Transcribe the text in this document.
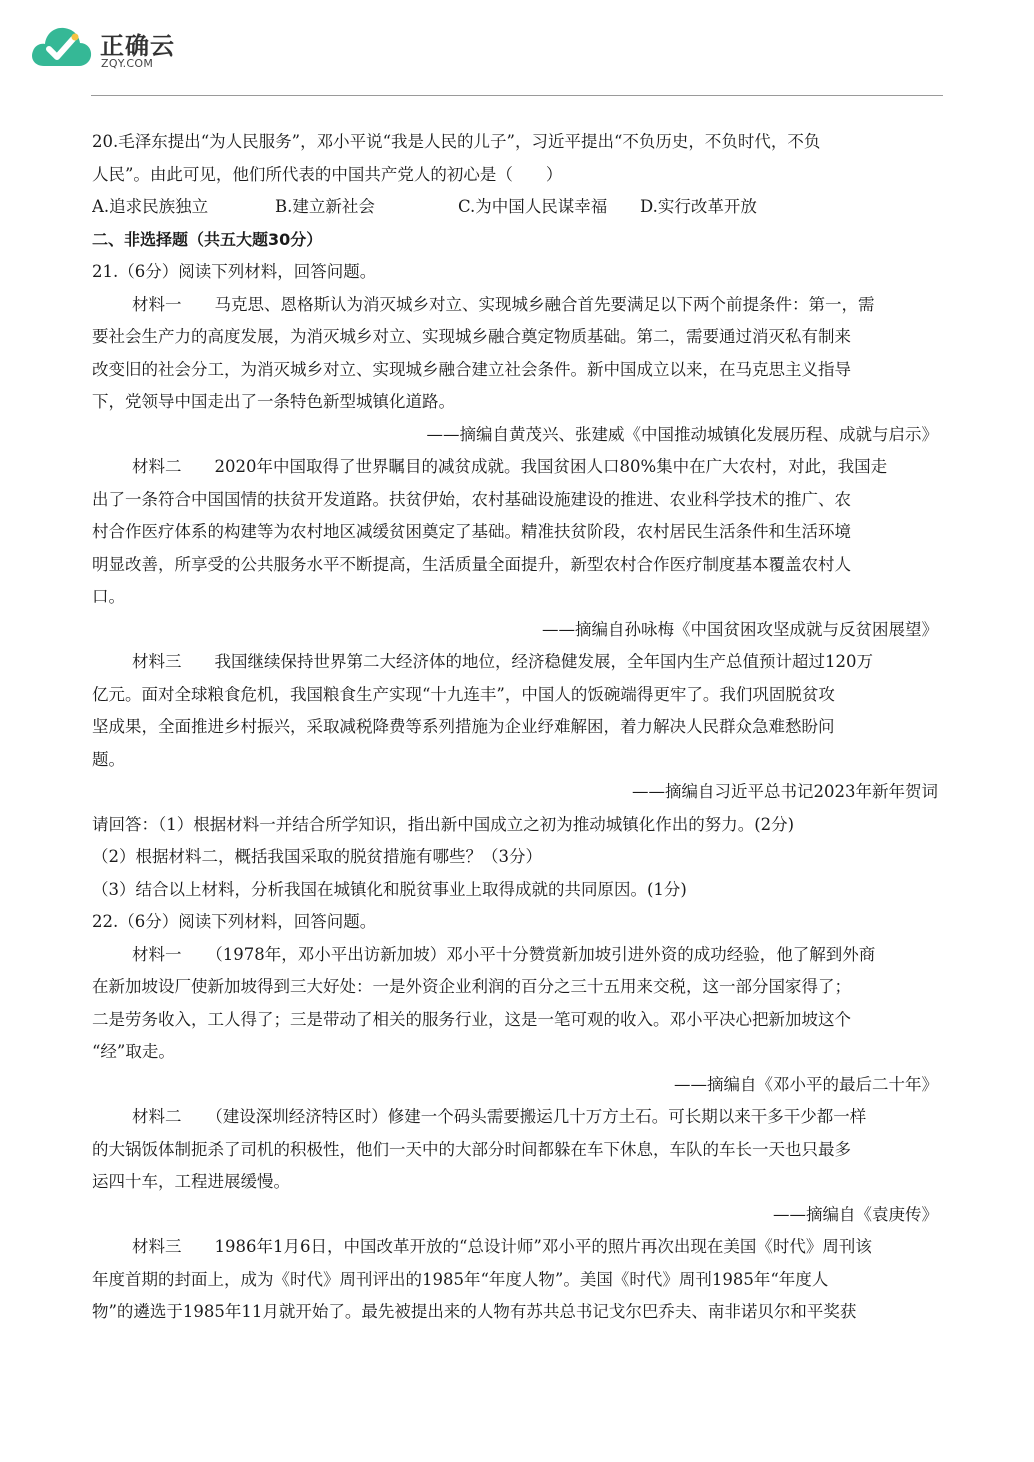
正确云
ZQY.COM
20.毛泽东提出“为人民服务”，邓小平说“我是人民的儿子”，习近平提出“不负历史，不负时代，不负
人民”。由此可见，他们所代表的中国共产党人的初心是（　　）
A.追求民族独立	B.建立新社会	C.为中国人民谋幸福 D.实行改革开放
二、非选择题（共五大题30分）
21.（6分）阅读下列材料，回答问题。
材料一　　马克思、恩格斯认为消灭城乡对立、实现城乡融合首先要满足以下两个前提条件：第一，需
要社会生产力的高度发展，为消灭城乡对立、实现城乡融合奠定物质基础。第二，需要通过消灭私有制来
改变旧的社会分工，为消灭城乡对立、实现城乡融合建立社会条件。新中国成立以来，在马克思主义指导
下，党领导中国走出了一条特色新型城镇化道路。
——摘编自黄茂兴、张建威《中国推动城镇化发展历程、成就与启示》
材料二　　2020年中国取得了世界瞩目的减贫成就。我国贫困人口80%集中在广大农村，对此，我国走
出了一条符合中国国情的扶贫开发道路。扶贫伊始，农村基础设施建设的推进、农业科学技术的推广、农
村合作医疗体系的构建等为农村地区减缓贫困奠定了基础。精准扶贫阶段，农村居民生活条件和生活环境
明显改善，所享受的公共服务水平不断提高，生活质量全面提升，新型农村合作医疗制度基本覆盖农村人
口。
——摘编自孙咏梅《中国贫困攻坚成就与反贫困展望》
材料三　　我国继续保持世界第二大经济体的地位，经济稳健发展，全年国内生产总值预计超过120万
亿元。面对全球粮食危机，我国粮食生产实现“十九连丰”，中国人的饭碗端得更牢了。我们巩固脱贫攻
坚成果，全面推进乡村振兴，采取减税降费等系列措施为企业纾难解困，着力解决人民群众急难愁盼问
题。
——摘编自习近平总书记2023年新年贺词
请回答：（1）根据材料一并结合所学知识，指出新中国成立之初为推动城镇化作出的努力。(2分)
（2）根据材料二，概括我国采取的脱贫措施有哪些？（3分）
（3）结合以上材料，分析我国在城镇化和脱贫事业上取得成就的共同原因。(1分)
22.（6分）阅读下列材料，回答问题。
材料一　　（1978年，邓小平出访新加坡）邓小平十分赞赏新加坡引进外资的成功经验，他了解到外商
在新加坡设厂使新加坡得到三大好处：一是外资企业利润的百分之三十五用来交税，这一部分国家得了；
二是劳务收入，工人得了；三是带动了相关的服务行业，这是一笔可观的收入。邓小平决心把新加坡这个
“经”取走。
——摘编自《邓小平的最后二十年》
材料二　　（建设深圳经济特区时）修建一个码头需要搬运几十万方土石。可长期以来干多干少都一样
的大锅饭体制扼杀了司机的积极性，他们一天中的大部分时间都躲在车下休息，车队的车长一天也只最多
运四十车，工程进展缓慢。
——摘编自《袁庚传》
材料三　　1986年1月6日，中国改革开放的“总设计师”邓小平的照片再次出现在美国《时代》周刊该
年度首期的封面上，成为《时代》周刊评出的1985年“年度人物”。美国《时代》周刊1985年“年度人
物”的遴选于1985年11月就开始了。最先被提出来的人物有苏共总书记戈尔巴乔夫、南非诺贝尔和平奖获
